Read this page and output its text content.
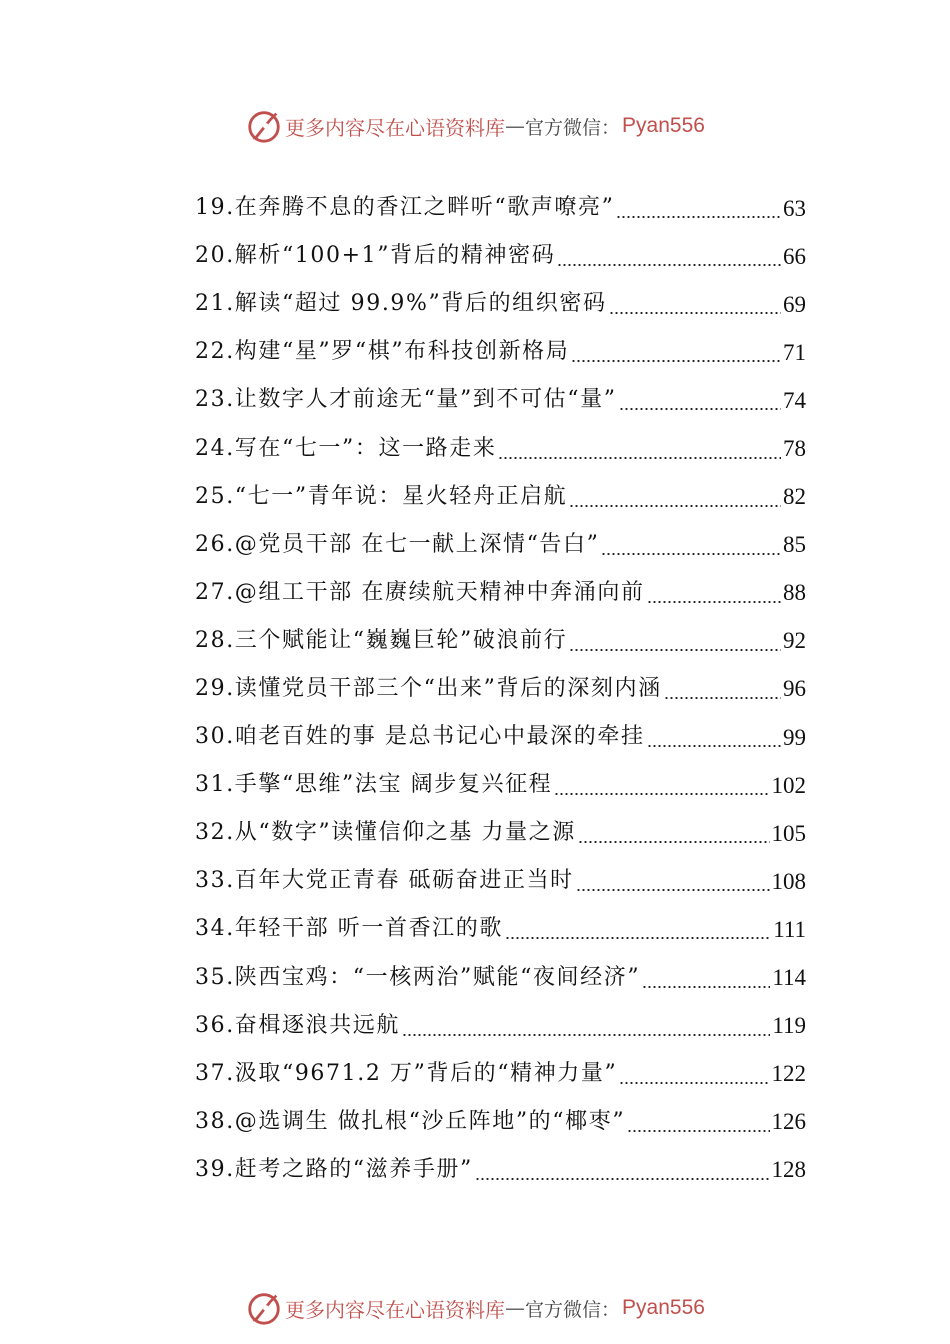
更多内容尽在心语资料库 — 官方微信： Pyan556
19.在奔腾不息的香江之畔听“歌声嘹亮”	63
20.解析“100+1”背后的精神密码	66
21.解读“超过 99.9%”背后的组织密码	69
22.构建“星”罗“棋”布科技创新格局	71
23.让数字人才前途无“量”到不可估“量”	74
24.写在“七一”：这一路走来	78
25.“七一”青年说：星火轻舟正启航	82
26.@党员干部 在七一献上深情“告白”	85
27.@组工干部 在赓续航天精神中奔涌向前	88
28.三个赋能让“巍巍巨轮”破浪前行	92
29.读懂党员干部三个“出来”背后的深刻内涵	96
30.咱老百姓的事 是总书记心中最深的牵挂	99
31.手擎“思维”法宝 阔步复兴征程	102
32.从“数字”读懂信仰之基 力量之源	105
33.百年大党正青春 砥砺奋进正当时	108
34.年轻干部 听一首香江的歌	111
35.陕西宝鸡：“一核两治”赋能“夜间经济”	114
36.奋楫逐浪共远航	119
37.汲取“9671.2 万”背后的“精神力量”	122
38.@选调生 做扎根“沙丘阵地”的“椰枣”	126
39.赶考之路的“滋养手册”	128
更多内容尽在心语资料库 — 官方微信： Pyan556
